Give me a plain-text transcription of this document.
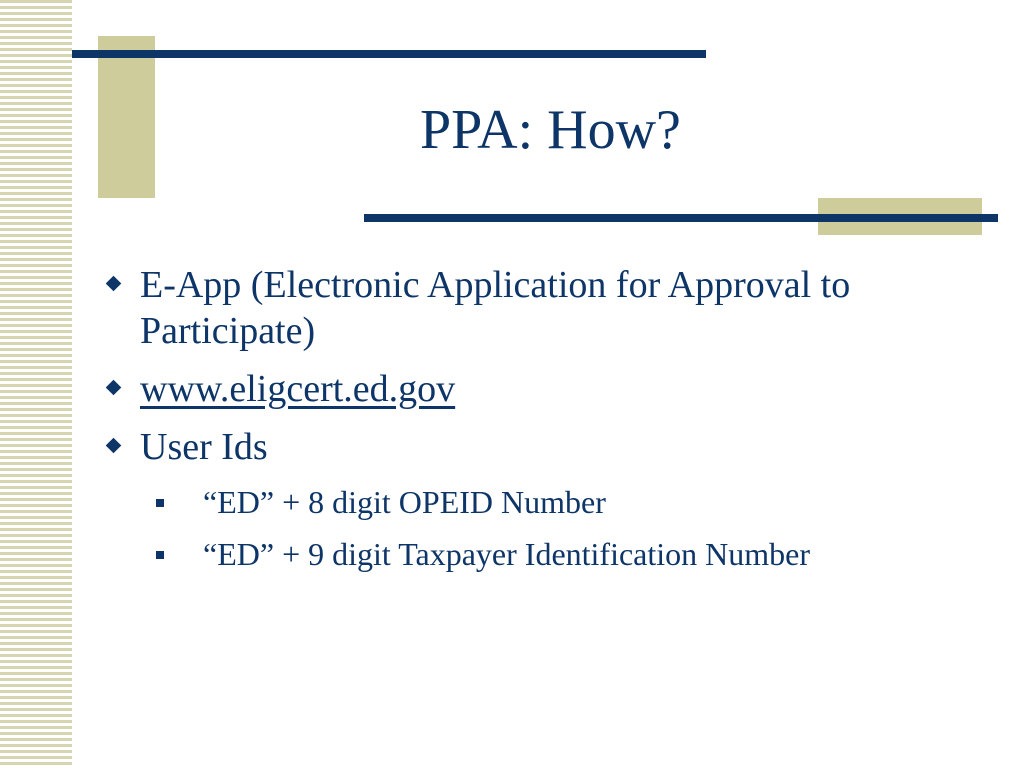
PPA: How?
E-App (Electronic Application for Approval to Participate)
www.eligcert.ed.gov
User Ids
“ED” + 8 digit OPEID Number
“ED” + 9 digit Taxpayer Identification Number
